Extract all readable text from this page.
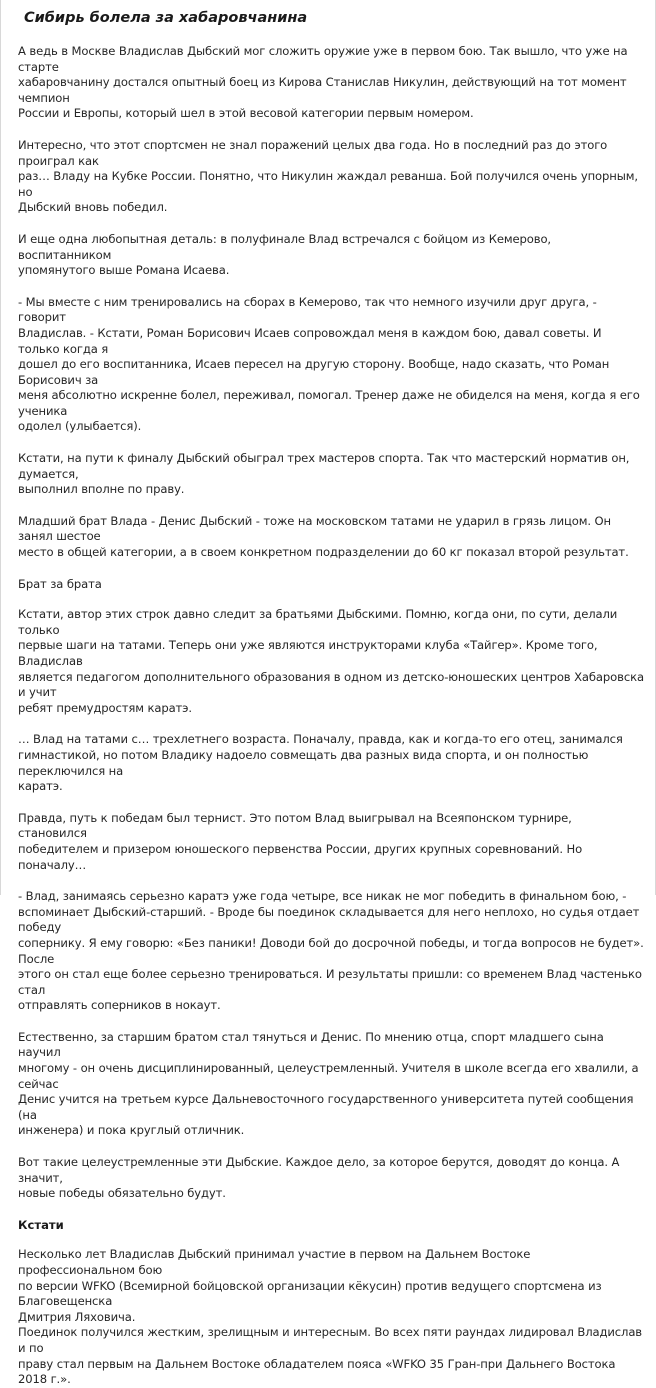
Сибирь болела за хабаровчанина

А ведь в Москве Владислав Дыбский мог сложить оружие уже в первом бою. Так вышло, что уже на старте
хабаровчанину достался опытный боец из Кирова Станислав Никулин, действующий на тот момент чемпион
России и Европы, который шел в этой весовой категории первым номером.

Интересно, что этот спортсмен не знал поражений целых два года. Но в последний раз до этого проиграл как
раз… Владу на Кубке России. Понятно, что Никулин жаждал реванша. Бой получился очень упорным, но
Дыбский вновь победил.

И еще одна любопытная деталь: в полуфинале Влад встречался с бойцом из Кемерово, воспитанником
упомянутого выше Романа Исаева.

- Мы вместе с ним тренировались на сборах в Кемерово, так что немного изучили друг друга, - говорит
Владислав. - Кстати, Роман Борисович Исаев сопровождал меня в каждом бою, давал советы. И только когда я
дошел до его воспитанника, Исаев пересел на другую сторону. Вообще, надо сказать, что Роман Борисович за
меня абсолютно искренне болел, переживал, помогал. Тренер даже не обиделся на меня, когда я его ученика
одолел (улыбается).

Кстати, на пути к финалу Дыбский обыграл трех мастеров спорта. Так что мастерский норматив он, думается,
выполнил вполне по праву.

Младший брат Влада - Денис Дыбский - тоже на московском татами не ударил в грязь лицом. Он занял шестое
место в общей категории, а в своем конкретном подразделении до 60 кг показал второй результат.

Брат за брата

Кстати, автор этих строк давно следит за братьями Дыбскими. Помню, когда они, по сути, делали только
первые шаги на татами. Теперь они уже являются инструкторами клуба «Тайгер». Кроме того, Владислав
является педагогом дополнительного образования в одном из детско-юношеских центров Хабаровска и учит
ребят премудростям каратэ.

… Влад на татами с… трехлетнего возраста. Поначалу, правда, как и когда-то его отец, занимался
гимнастикой, но потом Владику надоело совмещать два разных вида спорта, и он полностью переключился на
каратэ.

Правда, путь к победам был тернист. Это потом Влад выигрывал на Всеяпонском турнире, становился
победителем и призером юношеского первенства России, других крупных соревнований. Но поначалу…

- Влад, занимаясь серьезно каратэ уже года четыре, все никак не мог победить в финальном бою, -
вспоминает Дыбский-старший. - Вроде бы поединок складывается для него неплохо, но судья отдает победу
сопернику. Я ему говорю: «Без паники! Доводи бой до досрочной победы, и тогда вопросов не будет». После
этого он стал еще более серьезно тренироваться. И результаты пришли: со временем Влад частенько стал
отправлять соперников в нокаут.

Естественно, за старшим братом стал тянуться и Денис. По мнению отца, спорт младшего сына научил
многому - он очень дисциплинированный, целеустремленный. Учителя в школе всегда его хвалили, а сейчас
Денис учится на третьем курсе Дальневосточного государственного университета путей сообщения (на
инженера) и пока круглый отличник.

Вот такие целеустремленные эти Дыбские. Каждое дело, за которое берутся, доводят до конца. А значит,
новые победы обязательно будут.

Кстати

Несколько лет Владислав Дыбский принимал участие в первом на Дальнем Востоке профессиональном бою
по версии WFKO (Всемирной бойцовской организации кёкусин) против ведущего спортсмена из Благовещенска
Дмитрия Ляховича.

Поединок получился жестким, зрелищным и интересным. Во всех пяти раундах лидировал Владислав и по
праву стал первым на Дальнем Востоке обладателем пояса «WFKO 35 Гран-при Дальнего Востока 2018 г.».
